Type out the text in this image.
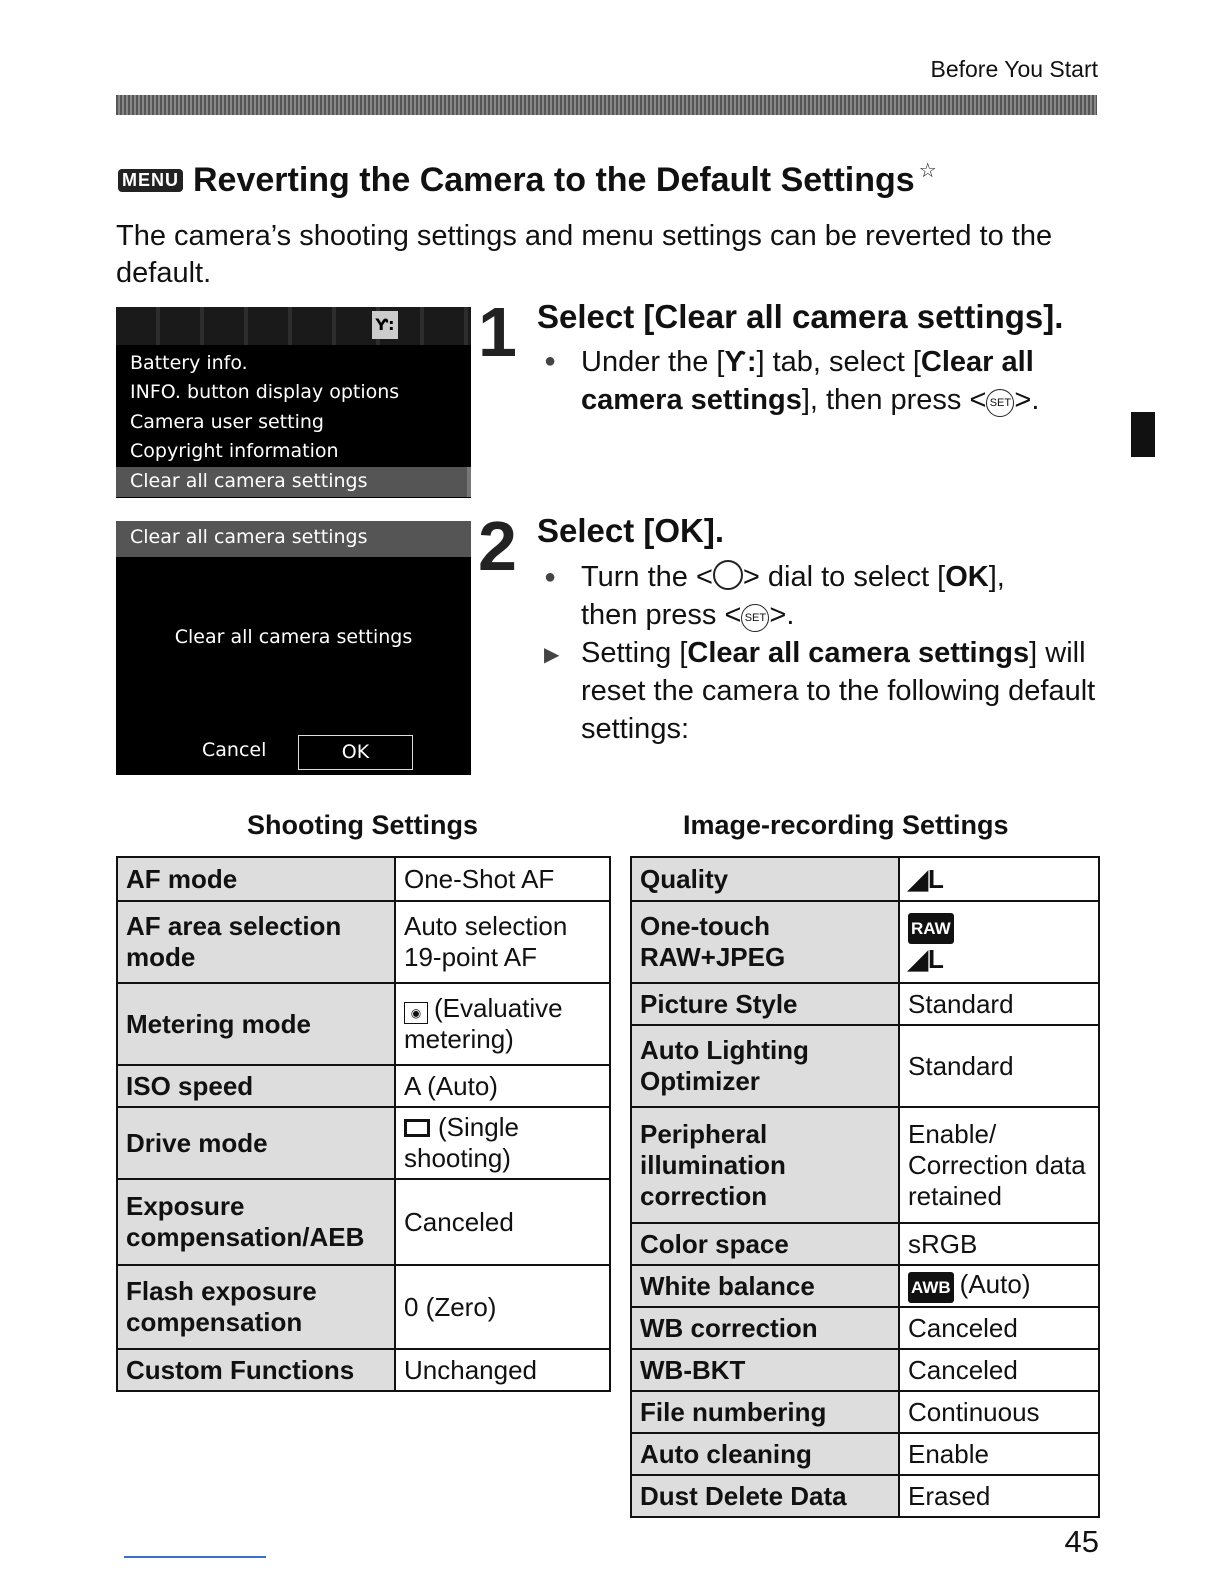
Before You Start
MENU Reverting the Camera to the Default Settings ☆
The camera’s shooting settings and menu settings can be reverted to the default.
Ƴ:
Battery info.
INFO. button display options
Camera user setting
Copyright information
Clear all camera settings
Clear all camera settings
Clear all camera settings
Cancel	OK
1 Select [Clear all camera settings].
● Under the [Ƴ:] tab, select [Clear all camera settings], then press < SET >.
2 Select [OK].
● Turn the < > dial to select [OK],
then press < SET >.
▶ Setting [Clear all camera settings] will reset the camera to the following default settings:
Shooting Settings	Image-recording Settings
AF mode	One-Shot AF
AF area selection mode	Auto selection 19-point AF
Metering mode	◉ (Evaluative metering)
ISO speed	A (Auto)
Drive mode	(Single shooting)
Exposure compensation/AEB	Canceled
Flash exposure compensation	0 (Zero)
Custom Functions	Unchanged
Quality	◢L
One-touch RAW+JPEG	RAW
◢L
Picture Style	Standard
Auto Lighting Optimizer	Standard
Peripheral illumination correction	Enable/ Correction data retained
Color space	sRGB
White balance	AWB (Auto)
WB correction	Canceled
WB-BKT	Canceled
File numbering	Continuous
Auto cleaning	Enable
Dust Delete Data	Erased
45
